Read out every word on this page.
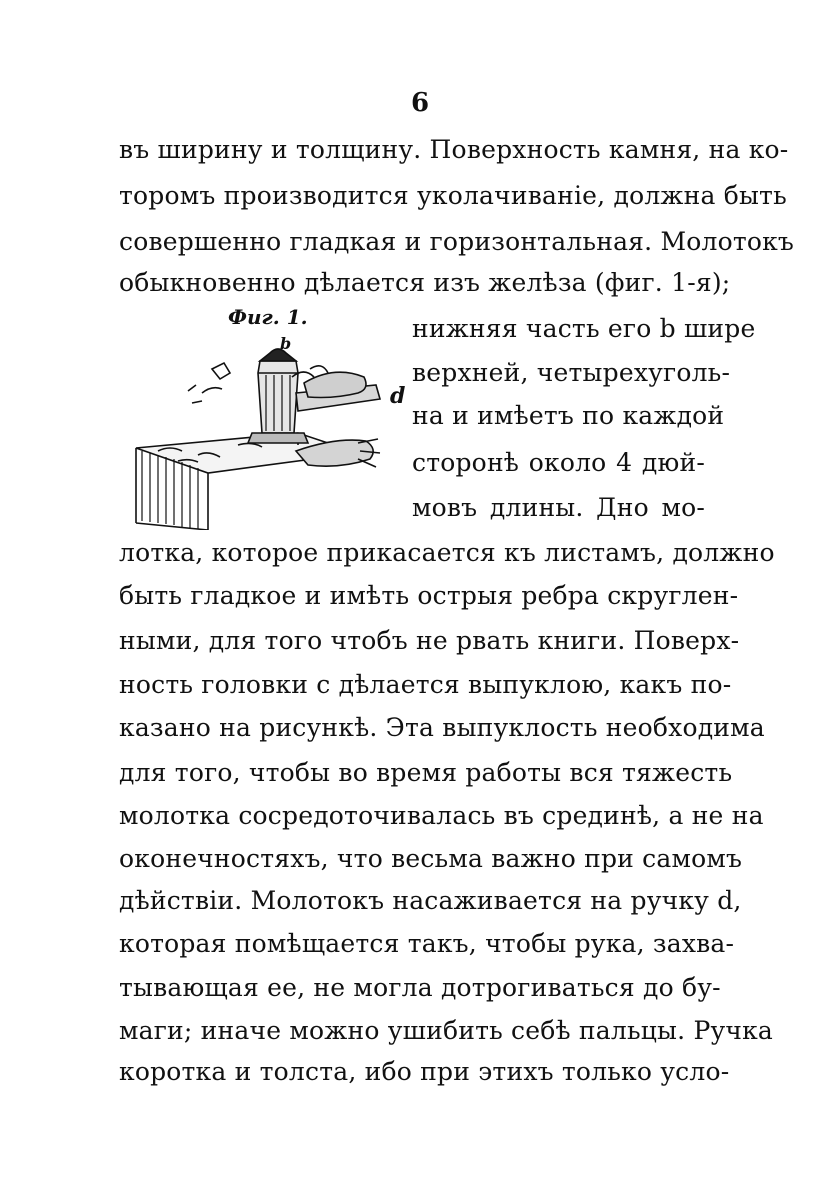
6
въ ширину и толщину. Поверхность камня, на ко-
торомъ производится уколачиваніе, должна быть
совершенно гладкая и горизонтальная. Молотокъ
обыкновенно дѣлается изъ желѣза (фиг. 1-я);
Фиг. 1.
b
d
нижняя часть его b шире
верхней, четырехуголь-
на и имѣетъ по каждой
сторонѣ около 4 дюй-
мовъ длины. Дно мо-
лотка, которое прикасается къ листамъ, должно
быть гладкое и имѣть острыя ребра скруглен-
ными, для того чтобъ не рвать книги. Поверх-
ность головки c дѣлается выпуклою, какъ по-
казано на рисункѣ. Эта выпуклость необходима
для того, чтобы во время работы вся тяжесть
молотка сосредоточивалась въ срединѣ, а не на
оконечностяхъ, что весьма важно при самомъ
дѣйствіи. Молотокъ насаживается на ручку d,
которая помѣщается такъ, чтобы рука, захва-
тывающая ее, не могла дотрогиваться до бу-
маги; иначе можно ушибить себѣ пальцы. Ручка
коротка и толста, ибо при этихъ только усло-
